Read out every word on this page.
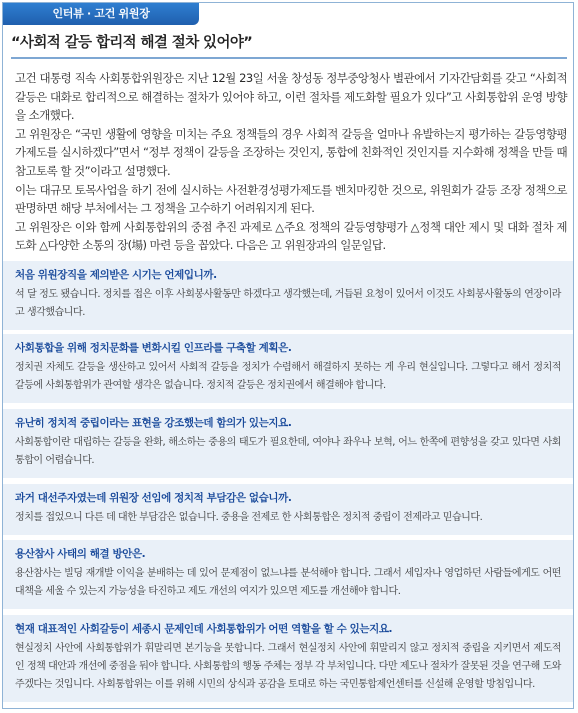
인터뷰 · 고건 위원장
“사회적 갈등 합리적 해결 절차 있어야”

고건 대통령 직속 사회통합위원장은 지난 12월 23일 서울 창성동 정부중앙청사 별관에서 기자간담회를 갖고 “사회적 갈등은 대화로 합리적으로 해결하는 절차가 있어야 하고, 이런 절차를 제도화할 필요가 있다”고 사회통합위 운영 방향을 소개했다.

고 위원장은 “국민 생활에 영향을 미치는 주요 정책들의 경우 사회적 갈등을 얼마나 유발하는지 평가하는 갈등영향평가제도를 실시하겠다”면서 “정부 정책이 갈등을 조장하는 것인지, 통합에 친화적인 것인지를 지수화해 정책을 만들 때 참고토록 할 것”이라고 설명했다.

이는 대규모 토목사업을 하기 전에 실시하는 사전환경성평가제도를 벤치마킹한 것으로, 위원회가 갈등 조장 정책으로 판명하면 해당 부처에서는 그 정책을 고수하기 어려워지게 된다.

고 위원장은 이와 함께 사회통합위의 중점 추진 과제로 △주요 정책의 갈등영향평가 △정책 대안 제시 및 대화 절차 제도화 △다양한 소통의 장(場) 마련 등을 꼽았다. 다음은 고 위원장과의 일문일답.

처음 위원장직을 제의받은 시기는 언제입니까.
석 달 정도 됐습니다. 정치를 접은 이후 사회봉사활동만 하겠다고 생각했는데, 거듭된 요청이 있어서 이것도 사회봉사활동의 연장이라고 생각했습니다.
사회통합을 위해 정치문화를 변화시킬 인프라를 구축할 계획은.
정치권 자체도 갈등을 생산하고 있어서 사회적 갈등을 정치가 수렴해서 해결하지 못하는 게 우리 현실입니다. 그렇다고 해서 정치적 갈등에 사회통합위가 관여할 생각은 없습니다. 정치적 갈등은 정치권에서 해결해야 합니다.
유난히 정치적 중립이라는 표현을 강조했는데 함의가 있는지요.
사회통합이란 대립하는 갈등을 완화, 해소하는 중용의 태도가 필요한데, 여야나 좌우나 보혁, 어느 한쪽에 편향성을 갖고 있다면 사회통합이 어렵습니다.
과거 대선주자였는데 위원장 선임에 정치적 부담감은 없습니까.
정치를 접었으니 다른 데 대한 부담감은 없습니다. 중용을 전제로 한 사회통합은 정치적 중립이 전제라고 믿습니다.
용산참사 사태의 해결 방안은.
용산참사는 빌딩 재개발 이익을 분배하는 데 있어 문제점이 없느냐를 분석해야 합니다. 그래서 세입자나 영업하던 사람들에게도 어떤 대책을 세울 수 있는지 가능성을 타진하고 제도 개선의 여지가 있으면 제도를 개선해야 합니다.
현재 대표적인 사회갈등이 세종시 문제인데 사회통합위가 어떤 역할을 할 수 있는지요.
현실정치 사안에 사회통합위가 휘말리면 본기능을 못합니다. 그래서 현실정치 사안에 휘말리지 않고 정치적 중립을 지키면서 제도적인 정책 대안과 개선에 중점을 둬야 합니다. 사회통합의 행동 주체는 정부 각 부처입니다. 다만 제도나 절차가 잘못된 것을 연구해 도와주겠다는 것입니다. 사회통합위는 이를 위해 시민의 상식과 공감을 토대로 하는 국민통합제언센터를 신설해 운영할 방침입니다.
